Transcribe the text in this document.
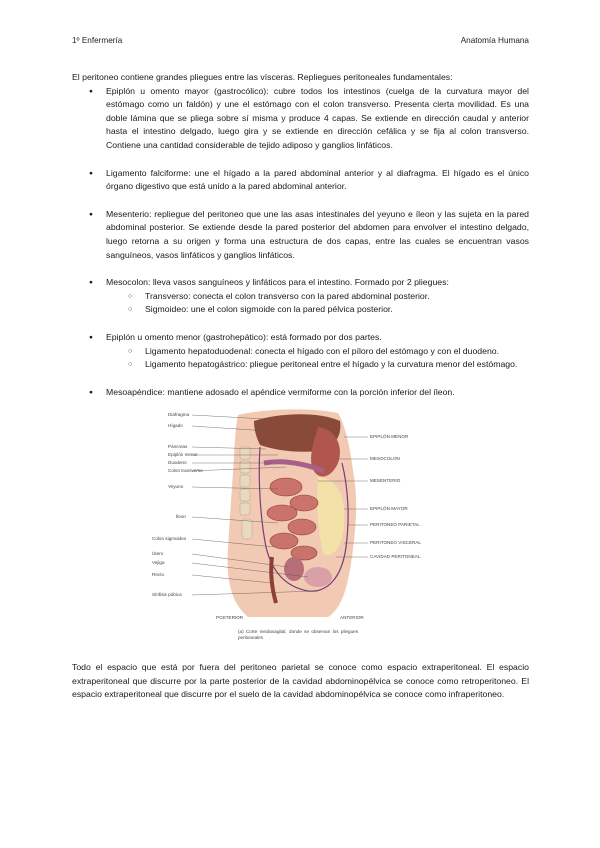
1º Enfermería	Anatomía Humana

El peritoneo contiene grandes pliegues entre las vísceras. Repliegues peritoneales fundamentales:

● Epiplón u omento mayor (gastrocólico): cubre todos los intestinos (cuelga de la curvatura mayor del estómago como un faldón) y une el estómago con el colon transverso. Presenta cierta movilidad. Es una doble lámina que se pliega sobre sí misma y produce 4 capas. Se extiende en dirección caudal y anterior hasta el intestino delgado, luego gira y se extiende en dirección cefálica y se fija al colon transverso. Contiene una cantidad considerable de tejido adiposo y ganglios linfáticos.
● Ligamento falciforme: une el hígado a la pared abdominal anterior y al diafragma. El hígado es el único órgano digestivo que está unido a la pared abdominal anterior.
● Mesenterio: repliegue del peritoneo que une las asas intestinales del yeyuno e íleon y las sujeta en la pared abdominal posterior. Se extiende desde la pared posterior del abdomen para envolver el intestino delgado, luego retorna a su origen y forma una estructura de dos capas, entre las cuales se encuentran vasos sanguíneos, vasos linfáticos y ganglios linfáticos.
● Mesocolon: lleva vasos sanguíneos y linfáticos para el intestino. Formado por 2 pliegues:
○ Transverso: conecta el colon transverso con la pared abdominal posterior.
○ Sigmoideo: une el colon sigmoide con la pared pélvica posterior.
● Epiplón u omento menor (gastrohepático): está formado por dos partes.
○ Ligamento hepatoduodenal: conecta el hígado con el píloro del estómago y con el duodeno.
○ Ligamento hepatogástrico: pliegue peritoneal entre el hígado y la curvatura menor del estómago.
● Mesoapéndice: mantiene adosado el apéndice vermiforme con la porción inferior del íleon.
Diafragma
Hígado
Páncreas
Epiplón menor
Duodeno
Colon transverso
Yeyuno
Íleon
Colon sigmoideo
Útero
Vejiga
Recto
Sínfisis púbica
EPIPLÓN MENOR
MESOCOLON
MESENTERIO
EPIPLÓN MAYOR
PERITONEO PARIETAL
PERITONEO VISCERAL
CAVIDAD PERITONEAL
POSTERIOR	ANTERIOR
(a) Corte mediosagital, donde se observan los pliegues peritoneales

Todo el espacio que está por fuera del peritoneo parietal se conoce como espacio extraperitoneal. El espacio extraperitoneal que discurre por la parte posterior de la cavidad abdominopélvica se conoce como retroperitoneo. El espacio extraperitoneal que discurre por el suelo de la cavidad abdominopélvica se conoce como infraperitoneo.
